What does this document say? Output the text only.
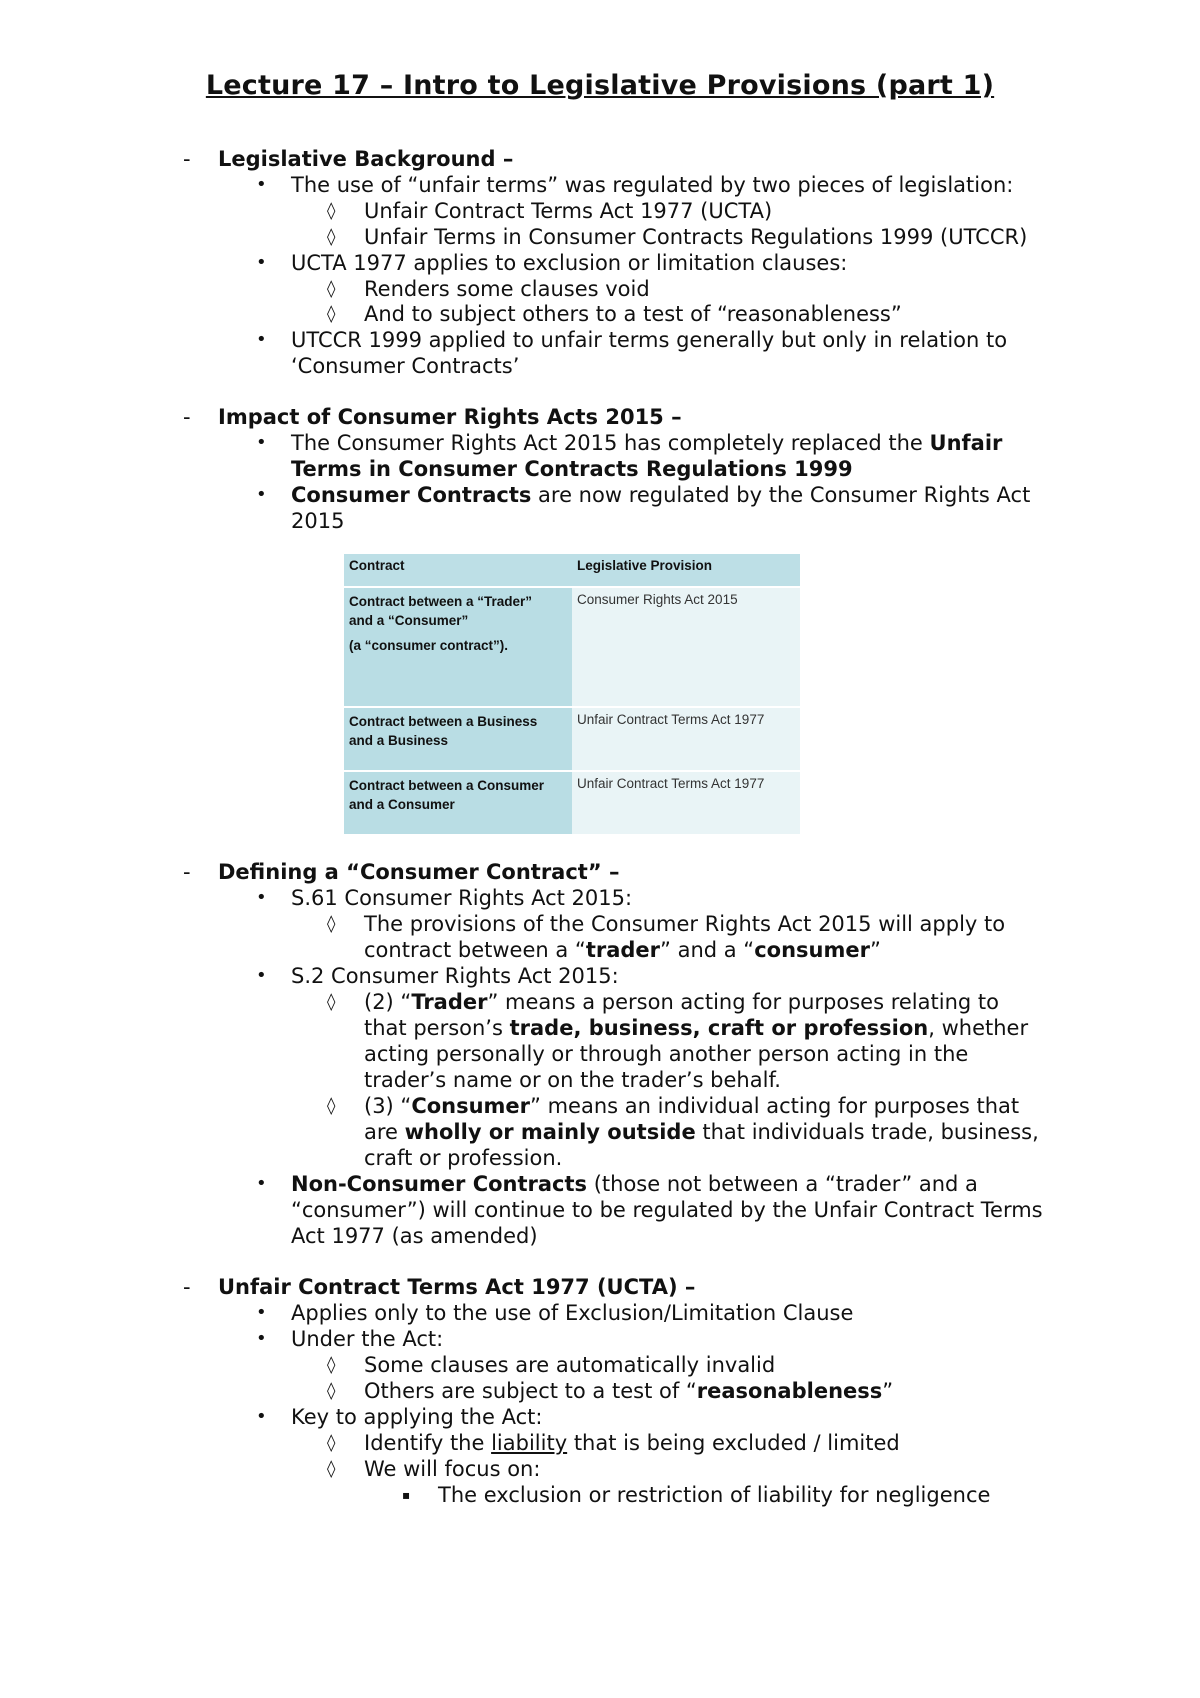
Lecture 17 – Intro to Legislative Provisions (part 1)
- Legislative Background –
• The use of “unfair terms” was regulated by two pieces of legislation:
◊ Unfair Contract Terms Act 1977 (UCTA)
◊ Unfair Terms in Consumer Contracts Regulations 1999 (UTCCR)
• UCTA 1977 applies to exclusion or limitation clauses:
◊ Renders some clauses void
◊ And to subject others to a test of “reasonableness”
• UTCCR 1999 applied to unfair terms generally but only in relation to
‘Consumer Contracts’
- Impact of Consumer Rights Acts 2015 –
• The Consumer Rights Act 2015 has completely replaced the Unfair
Terms in Consumer Contracts Regulations 1999
• Consumer Contracts are now regulated by the Consumer Rights Act
2015
Contract	Legislative Provision

Contract between a “Trader”
and a “Consumer”
(a “consumer contract”).	Consumer Rights Act 2015

Contract between a Business
and a Business	Unfair Contract Terms Act 1977

Contract between a Consumer
and a Consumer	Unfair Contract Terms Act 1977
- Defining a “Consumer Contract” –
• S.61 Consumer Rights Act 2015:
◊ The provisions of the Consumer Rights Act 2015 will apply to
contract between a “trader” and a “consumer”
• S.2 Consumer Rights Act 2015:
◊ (2) “Trader” means a person acting for purposes relating to
that person’s trade, business, craft or profession, whether
acting personally or through another person acting in the
trader’s name or on the trader’s behalf.
◊ (3) “Consumer” means an individual acting for purposes that
are wholly or mainly outside that individuals trade, business,
craft or profession.
• Non-Consumer Contracts (those not between a “trader” and a
“consumer”) will continue to be regulated by the Unfair Contract Terms
Act 1977 (as amended)
- Unfair Contract Terms Act 1977 (UCTA) –
• Applies only to the use of Exclusion/Limitation Clause
• Under the Act:
◊ Some clauses are automatically invalid
◊ Others are subject to a test of “reasonableness”
• Key to applying the Act:
◊ Identify the liability that is being excluded / limited
◊ We will focus on:
▪ The exclusion or restriction of liability for negligence
